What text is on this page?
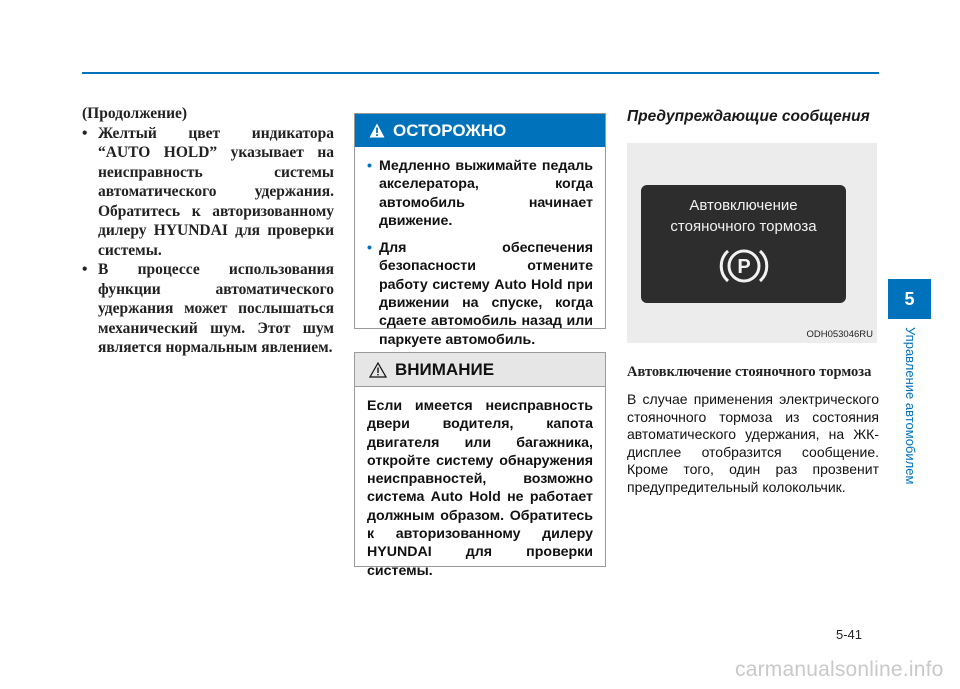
(Продолжение)

• Желтый цвет индикатора “AUTO HOLD” указывает на неисправность системы автоматического удержания. Обратитесь к авторизованному дилеру HYUNDAI для проверки системы.
• В процессе использования функции автоматического удержания может послышаться механический шум. Этот шум является нормальным явлением.
ОСТОРОЖНО
• Медленно выжимайте педаль акселератора, когда автомобиль начинает движение.
• Для обеспечения безопасности отмените работу систему Auto Hold при движении на спуске, когда сдаете автомобиль назад или паркуете автомобиль.
ВНИМАНИЕ

Если имеется неисправность двери водителя, капота двигателя или багажника, откройте систему обнаружения неисправностей, возможно система Auto Hold не работает должным образом. Обратитесь к авторизованному дилеру HYUNDAI для проверки системы.

Предупреждающие сообщения

Автовключение
стояночного тормоза
P
ODH053046RU

Автовключение стояночного тормоза

В случае применения электрического стояночного тормоза из состояния автоматического удержания, на ЖК-дисплее отобразится сообщение. Кроме того, один раз прозвенит предупредительный колокольчик.

5
Управление автомобилем
5-41
carmanualsonline.info
